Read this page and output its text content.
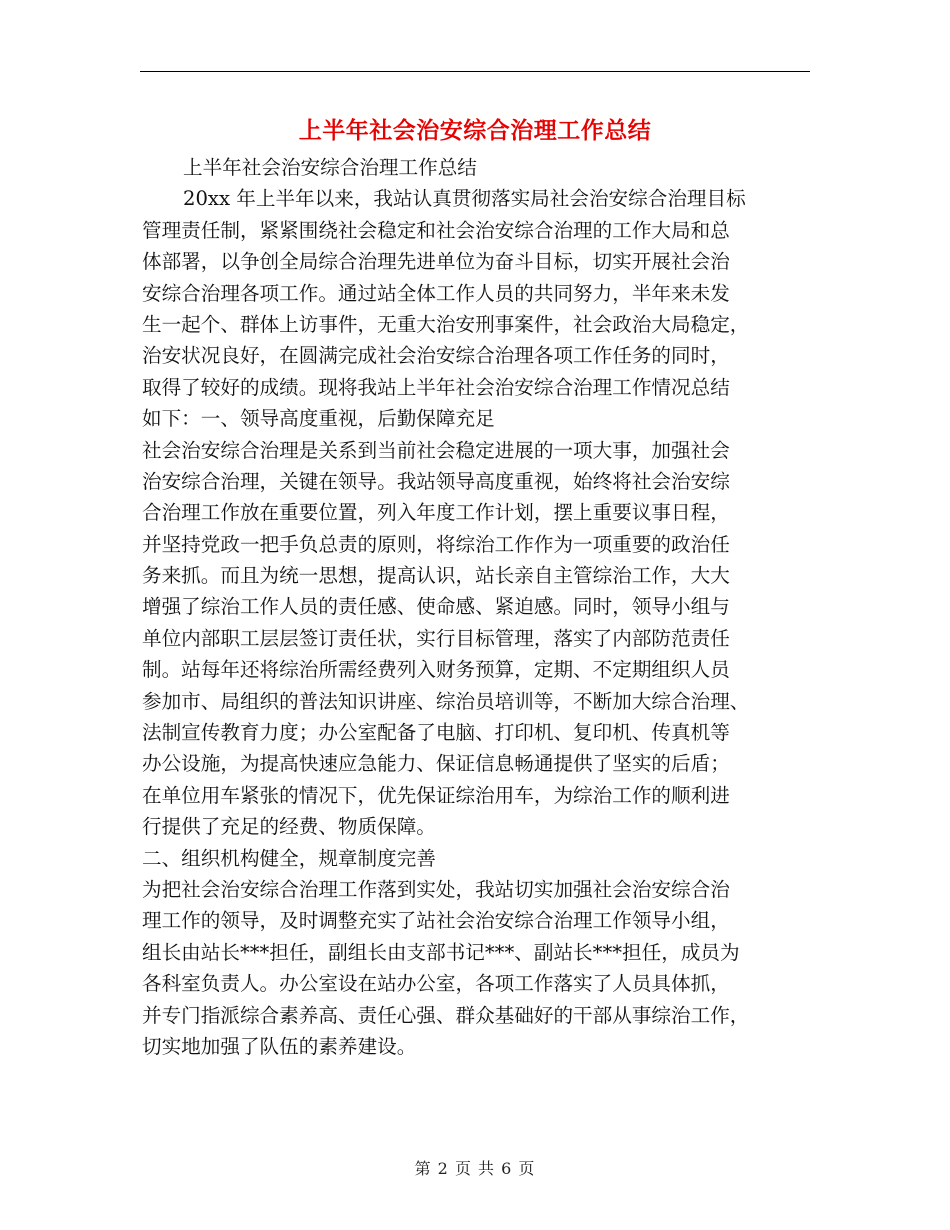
上半年社会治安综合治理工作总结
上半年社会治安综合治理工作总结
20xx 年上半年以来，我站认真贯彻落实局社会治安综合治理目标
管理责任制，紧紧围绕社会稳定和社会治安综合治理的工作大局和总
体部署，以争创全局综合治理先进单位为奋斗目标，切实开展社会治
安综合治理各项工作。通过站全体工作人员的共同努力，半年来未发
生一起个、群体上访事件，无重大治安刑事案件，社会政治大局稳定，
治安状况良好，在圆满完成社会治安综合治理各项工作任务的同时，
取得了较好的成绩。现将我站上半年社会治安综合治理工作情况总结
如下：一、领导高度重视，后勤保障充足
社会治安综合治理是关系到当前社会稳定进展的一项大事，加强社会
治安综合治理，关键在领导。我站领导高度重视，始终将社会治安综
合治理工作放在重要位置，列入年度工作计划，摆上重要议事日程，
并坚持党政一把手负总责的原则，将综治工作作为一项重要的政治任
务来抓。而且为统一思想，提高认识，站长亲自主管综治工作，大大
增强了综治工作人员的责任感、使命感、紧迫感。同时，领导小组与
单位内部职工层层签订责任状，实行目标管理，落实了内部防范责任
制。站每年还将综治所需经费列入财务预算，定期、不定期组织人员
参加市、局组织的普法知识讲座、综治员培训等，不断加大综合治理、
法制宣传教育力度；办公室配备了电脑、打印机、复印机、传真机等
办公设施，为提高快速应急能力、保证信息畅通提供了坚实的后盾；
在单位用车紧张的情况下，优先保证综治用车，为综治工作的顺利进
行提供了充足的经费、物质保障。
二、组织机构健全，规章制度完善
为把社会治安综合治理工作落到实处，我站切实加强社会治安综合治
理工作的领导，及时调整充实了站社会治安综合治理工作领导小组，
组长由站长***担任，副组长由支部书记***、副站长***担任，成员为
各科室负责人。办公室设在站办公室，各项工作落实了人员具体抓，
并专门指派综合素养高、责任心强、群众基础好的干部从事综治工作，
切实地加强了队伍的素养建设。
第 2 页 共 6 页
